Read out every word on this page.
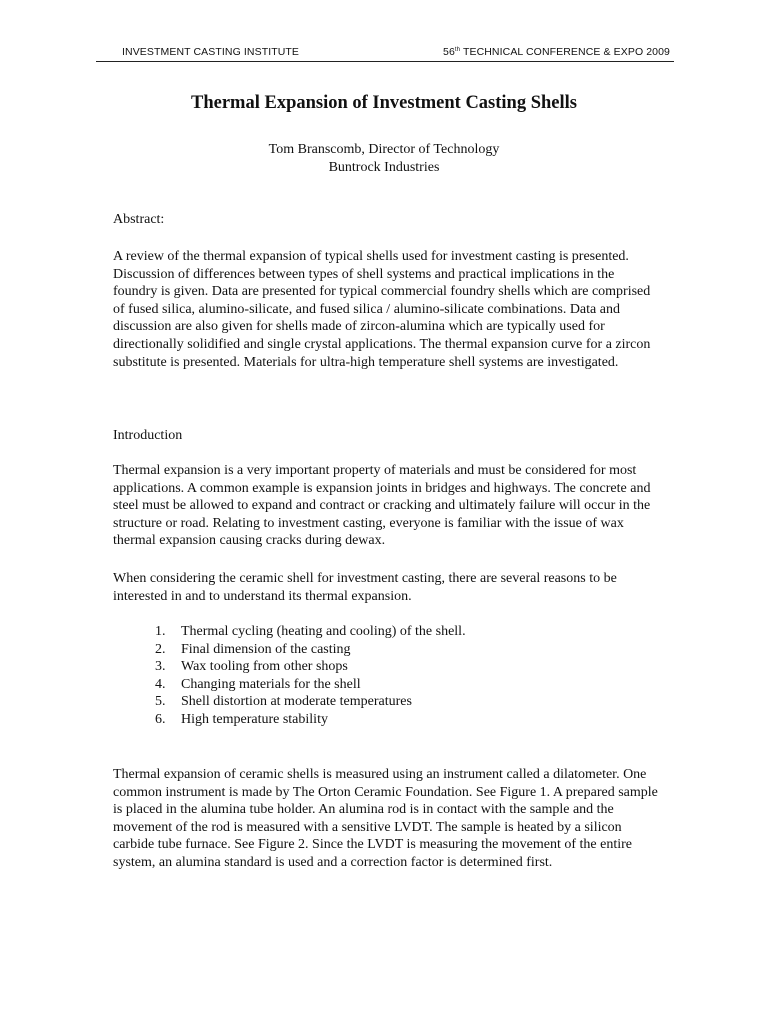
INVESTMENT CASTING INSTITUTE	56th TECHNICAL CONFERENCE & EXPO 2009
Thermal Expansion of Investment Casting Shells
Tom Branscomb, Director of Technology
Buntrock Industries
Abstract:
A review of the thermal expansion of typical shells used for investment casting is presented. Discussion of differences between types of shell systems and practical implications in the foundry is given. Data are presented for typical commercial foundry shells which are comprised of fused silica, alumino-silicate, and fused silica / alumino-silicate combinations. Data and discussion are also given for shells made of zircon-alumina which are typically used for directionally solidified and single crystal applications. The thermal expansion curve for a zircon substitute is presented. Materials for ultra-high temperature shell systems are investigated.
Introduction
Thermal expansion is a very important property of materials and must be considered for most applications. A common example is expansion joints in bridges and highways. The concrete and steel must be allowed to expand and contract or cracking and ultimately failure will occur in the structure or road. Relating to investment casting, everyone is familiar with the issue of wax thermal expansion causing cracks during dewax.
When considering the ceramic shell for investment casting, there are several reasons to be interested in and to understand its thermal expansion.
1. Thermal cycling (heating and cooling) of the shell.
2. Final dimension of the casting
3. Wax tooling from other shops
4. Changing materials for the shell
5. Shell distortion at moderate temperatures
6. High temperature stability
Thermal expansion of ceramic shells is measured using an instrument called a dilatometer. One common instrument is made by The Orton Ceramic Foundation. See Figure 1. A prepared sample is placed in the alumina tube holder. An alumina rod is in contact with the sample and the movement of the rod is measured with a sensitive LVDT. The sample is heated by a silicon carbide tube furnace. See Figure 2. Since the LVDT is measuring the movement of the entire system, an alumina standard is used and a correction factor is determined first.
